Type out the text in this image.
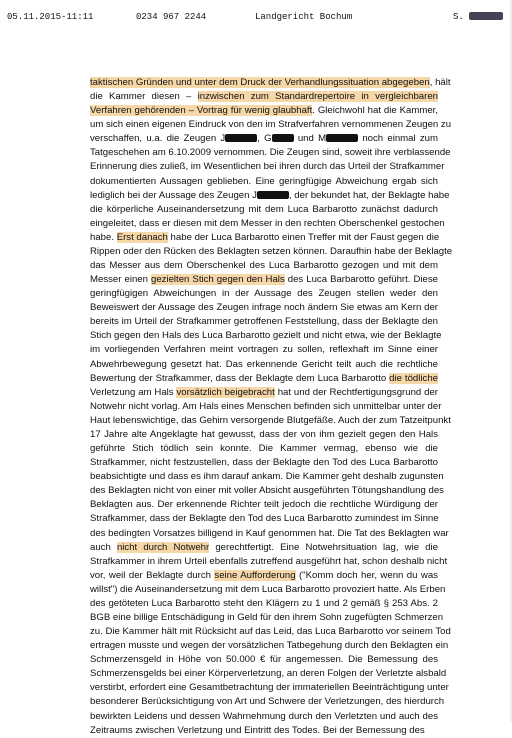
05.11.2015-11:11	0234 967 2244	Landgericht Bochum	S.
taktischen Gründen und unter dem Druck der Verhandlungssituation abgegeben, hält
die Kammer diesen – inzwischen zum Standardrepertoire in vergleichbaren
Verfahren gehörenden – Vortrag für wenig glaubhaft. Gleichwohl hat die Kammer,
um sich einen eigenen Eindruck von den im Strafverfahren vernommenen Zeugen zu
verschaffen, u.a. die Zeugen J	, G und M	noch einmal zum
Tatgeschehen am 6.10.2009 vernommen. Die Zeugen sind, soweit ihre verblassende
Erinnerung dies zuließ, im Wesentlichen bei ihren durch das Urteil der Strafkammer
dokumentierten Aussagen geblieben. Eine geringfügige Abweichung ergab sich
lediglich bei der Aussage des Zeugen J	, der bekundet hat, der Beklagte habe
die körperliche Auseinandersetzung mit dem Luca Barbarotto zunächst dadurch
eingeleitet, dass er diesen mit dem Messer in den rechten Oberschenkel gestochen
habe. Erst danach habe der Luca Barbarotto einen Treffer mit der Faust gegen die
Rippen oder den Rücken des Beklagten setzen können. Daraufhin habe der Beklagte
das Messer aus dem Oberschenkel des Luca Barbarotto gezogen und mit dem
Messer einen gezielten Stich gegen den Hals des Luca Barbarotto geführt. Diese
geringfügigen Abweichungen in der Aussage des Zeugen stellen weder den
Beweiswert der Aussage des Zeugen infrage noch ändern Sie etwas am Kern der
bereits im Urteil der Strafkammer getroffenen Feststellung, dass der Beklagte den
Stich gegen den Hals des Luca Barbarotto gezielt und nicht etwa, wie der Beklagte
im vorliegenden Verfahren meint vortragen zu sollen, reflexhaft im Sinne einer
Abwehrbewegung gesetzt hat. Das erkennende Gericht teilt auch die rechtliche
Bewertung der Strafkammer, dass der Beklagte dem Luca Barbarotto die tödliche
Verletzung am Hals vorsätzlich beigebracht hat und der Rechtfertigungsgrund der
Notwehr nicht vorlag. Am Hals eines Menschen befinden sich unmittelbar unter der
Haut lebenswichtige, das Gehirn versorgende Blutgefäße. Auch der zum Tatzeitpunkt
17 Jahre alte Angeklagte hat gewusst, dass der von ihm gezielt gegen den Hals
geführte Stich tödlich sein konnte. Die Kammer vermag, ebenso wie die
Strafkammer, nicht festzustellen, dass der Beklagte den Tod des Luca Barbarotto
beabsichtigte und dass es ihm darauf ankam. Die Kammer geht deshalb zugunsten
des Beklagten nicht von einer mit voller Absicht ausgeführten Tötungshandlung des
Beklagten aus. Der erkennende Richter teilt jedoch die rechtliche Würdigung der
Strafkammer, dass der Beklagte den Tod des Luca Barbarotto zumindest im Sinne
des bedingten Vorsatzes billigend in Kauf genommen hat. Die Tat des Beklagten war
auch nicht durch Notwehr gerechtfertigt. Eine Notwehrsituation lag, wie die
Strafkammer in ihrem Urteil ebenfalls zutreffend ausgeführt hat, schon deshalb nicht
vor, weil der Beklagte durch seine Aufforderung ("Komm doch her, wenn du was
willst") die Auseinandersetzung mit dem Luca Barbarotto provoziert hatte. Als Erben
des getöteten Luca Barbarotto steht den Klägern zu 1 und 2 gemäß § 253 Abs. 2
BGB eine billige Entschädigung in Geld für den ihrem Sohn zugefügten Schmerzen
zu. Die Kammer hält mit Rücksicht auf das Leid, das Luca Barbarotto vor seinem Tod
ertragen musste und wegen der vorsätzlichen Tatbegehung durch den Beklagten ein
Schmerzensgeld in Höhe von 50.000 € für angemessen. Die Bemessung des
Schmerzensgelds bei einer Körperverletzung, an deren Folgen der Verletzte alsbald
verstirbt, erfordert eine Gesamtbetrachtung der immateriellen Beeinträchtigung unter
besonderer Berücksichtigung von Art und Schwere der Verletzungen, des hierdurch
bewirkten Leidens und dessen Wahrnehmung durch den Verletzten und auch des
Zeitraums zwischen Verletzung und Eintritt des Todes. Bei der Bemessung des
